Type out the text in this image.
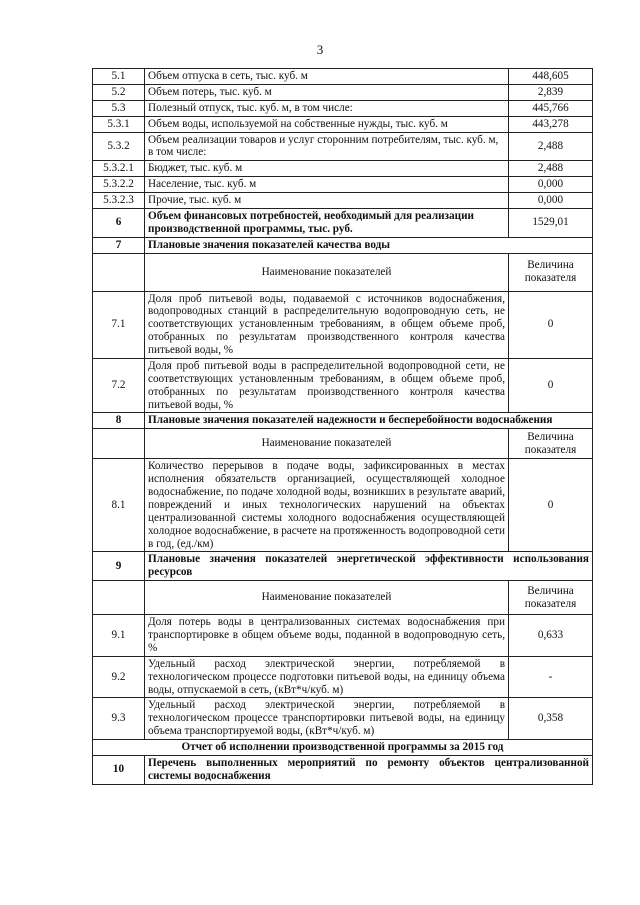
3
5.1	Объем отпуска в сеть, тыс. куб. м	448,605
5.2	Объем потерь, тыс. куб. м	2,839
5.3	Полезный отпуск, тыс. куб. м, в том числе:	445,766
5.3.1	Объем воды, используемой на собственные нужды, тыс. куб. м	443,278
5.3.2	Объем реализации товаров и услуг сторонним потребителям, тыс. куб. м, в том числе:	2,488
5.3.2.1	Бюджет, тыс. куб. м	2,488
5.3.2.2	Население, тыс. куб. м	0,000
5.3.2.3	Прочие, тыс. куб. м	0,000
6	Объем финансовых потребностей, необходимый для реализации производственной программы, тыс. руб.	1529,01
7	Плановые значения показателей качества воды	
	Наименование показателей	Величина показателя
7.1	Доля проб питьевой воды, подаваемой с источников водоснабжения, водопроводных станций в распределительную водопроводную сеть, не соответствующих установленным требованиям, в общем объеме проб, отобранных по результатам производственного контроля качества питьевой воды, %	0
7.2	Доля проб питьевой воды в распределительной водопроводной сети, не соответствующих установленным требованиям, в общем объеме проб, отобранных по результатам производственного контроля качества питьевой воды, %	0
8	Плановые значения показателей надежности и бесперебойности водоснабжения	
	Наименование показателей	Величина показателя
8.1	Количество перерывов в подаче воды, зафиксированных в местах исполнения обязательств организацией, осуществляющей холодное водоснабжение, по подаче холодной воды, возникших в результате аварий, повреждений и иных технологических нарушений на объектах централизованной системы холодного водоснабжения осуществляющей холодное водоснабжение, в расчете на протяженность водопроводной сети в год, (ед./км)	0
9	Плановые значения показателей энергетической эффективности использования ресурсов	
	Наименование показателей	Величина показателя
9.1	Доля потерь воды в централизованных системах водоснабжения при транспортировке в общем объеме воды, поданной в водопроводную сеть, %	0,633
9.2	Удельный расход электрической энергии, потребляемой в технологическом процессе подготовки питьевой воды, на единицу объема воды, отпускаемой в сеть, (кВт*ч/куб. м)	-
9.3	Удельный расход электрической энергии, потребляемой в технологическом процессе транспортировки питьевой воды, на единицу объема транспортируемой воды, (кВт*ч/куб. м)	0,358
Отчет об исполнении производственной программы за 2015 год		
10	Перечень выполненных мероприятий по ремонту объектов централизованной системы водоснабжения	
